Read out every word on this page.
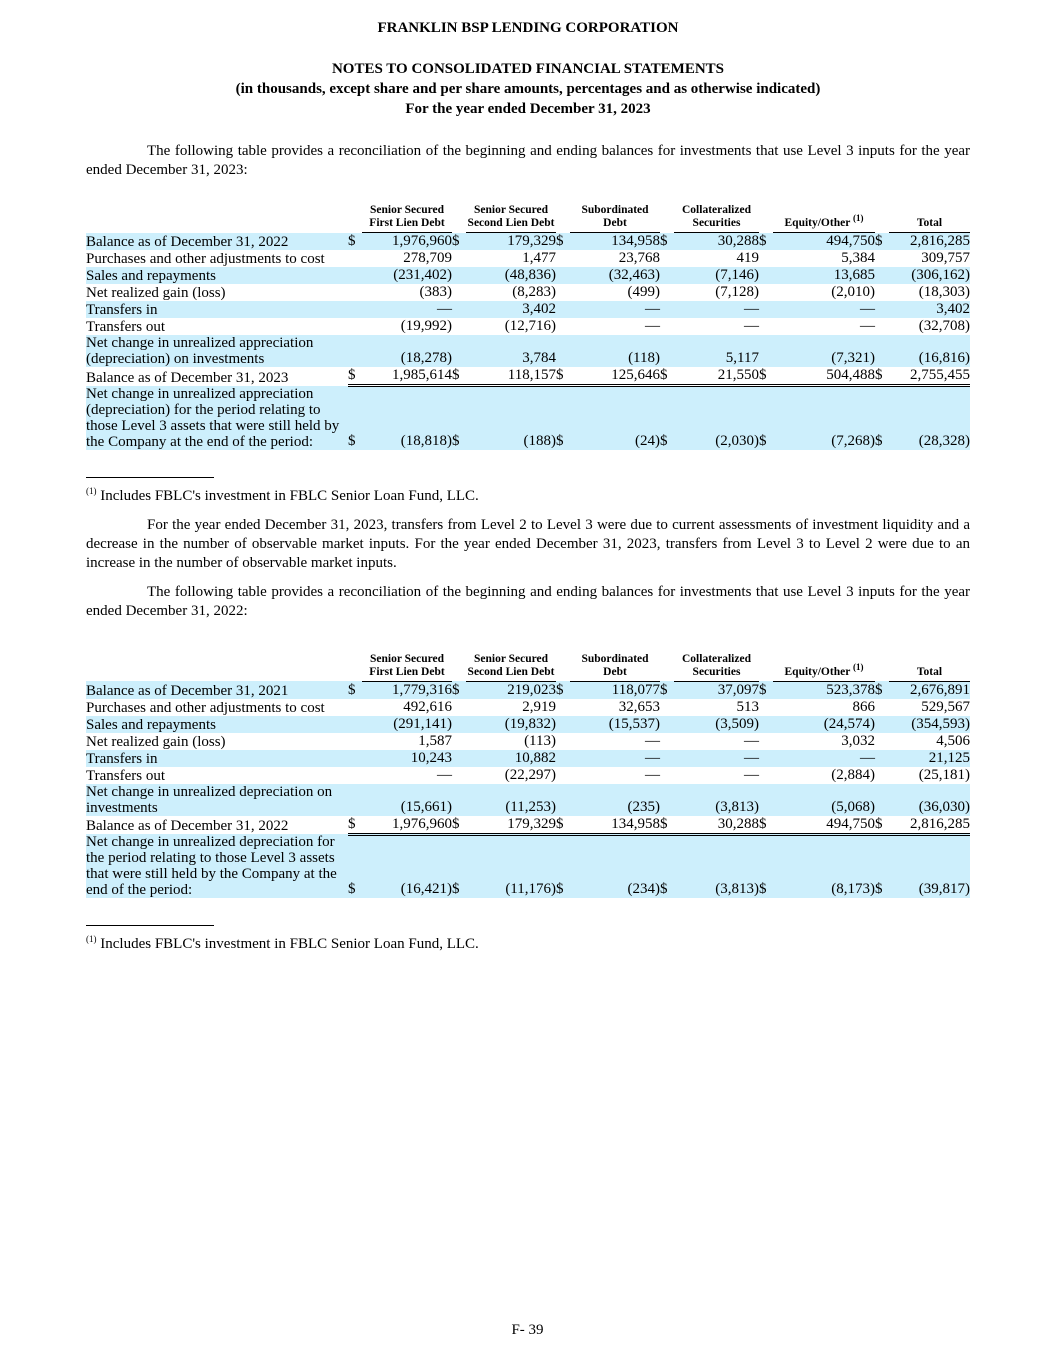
FRANKLIN BSP LENDING CORPORATION
NOTES TO CONSOLIDATED FINANCIAL STATEMENTS
(in thousands, except share and per share amounts, percentages and as otherwise indicated)
For the year ended December 31, 2023

The following table provides a reconciliation of the beginning and ending balances for investments that use Level 3 inputs for the year ended December 31, 2023:

		Senior Secured First Lien Debt		Senior Secured Second Lien Debt		Subordinated Debt		Collateralized Securities		Equity/Other $^{(1)}$		Total
Balance as of December 31, 2022	$	1,976,960	$	179,329	$	134,958	$	30,288	$	494,750	$	2,816,285
Purchases and other adjustments to cost		278,709		1,477		23,768		419		5,384		309,757
Sales and repayments		(231,402)		(48,836)		(32,463)		(7,146)		13,685		(306,162)
Net realized gain (loss)		(383)		(8,283)		(499)		(7,128)		(2,010)		(18,303)
Transfers in		—		3,402		—		—		—		3,402
Transfers out		(19,992)		(12,716)		—		—		—		(32,708)
Net change in unrealized appreciation (depreciation) on investments		(18,278)		3,784		(118)		5,117		(7,321)		(16,816)
Balance as of December 31, 2023	$	1,985,614	$	118,157	$	125,646	$	21,550	$	504,488	$	2,755,455
Net change in unrealized appreciation (depreciation) for the period relating to those Level 3 assets that were still held by the Company at the end of the period:	$	(18,818)	$	(188)	$	(24)	$	(2,030)	$	(7,268)	$	(28,328)
$^{(1)}$ Includes FBLC's investment in FBLC Senior Loan Fund, LLC.

For the year ended December 31, 2023, transfers from Level 2 to Level 3 were due to current assessments of investment liquidity and a decrease in the number of observable market inputs. For the year ended December 31, 2023, transfers from Level 3 to Level 2 were due to an increase in the number of observable market inputs.

The following table provides a reconciliation of the beginning and ending balances for investments that use Level 3 inputs for the year ended December 31, 2022:

		Senior Secured First Lien Debt		Senior Secured Second Lien Debt		Subordinated Debt		Collateralized Securities		Equity/Other $^{(1)}$		Total
Balance as of December 31, 2021	$	1,779,316	$	219,023	$	118,077	$	37,097	$	523,378	$	2,676,891
Purchases and other adjustments to cost		492,616		2,919		32,653		513		866		529,567
Sales and repayments		(291,141)		(19,832)		(15,537)		(3,509)		(24,574)		(354,593)
Net realized gain (loss)		1,587		(113)		—		—		3,032		4,506
Transfers in		10,243		10,882		—		—		—		21,125
Transfers out		—		(22,297)		—		—		(2,884)		(25,181)
Net change in unrealized depreciation on investments		(15,661)		(11,253)		(235)		(3,813)		(5,068)		(36,030)
Balance as of December 31, 2022	$	1,976,960	$	179,329	$	134,958	$	30,288	$	494,750	$	2,816,285
Net change in unrealized depreciation for the period relating to those Level 3 assets that were still held by the Company at the end of the period:	$	(16,421)	$	(11,176)	$	(234)	$	(3,813)	$	(8,173)	$	(39,817)
$^{(1)}$ Includes FBLC's investment in FBLC Senior Loan Fund, LLC.
F- 39
